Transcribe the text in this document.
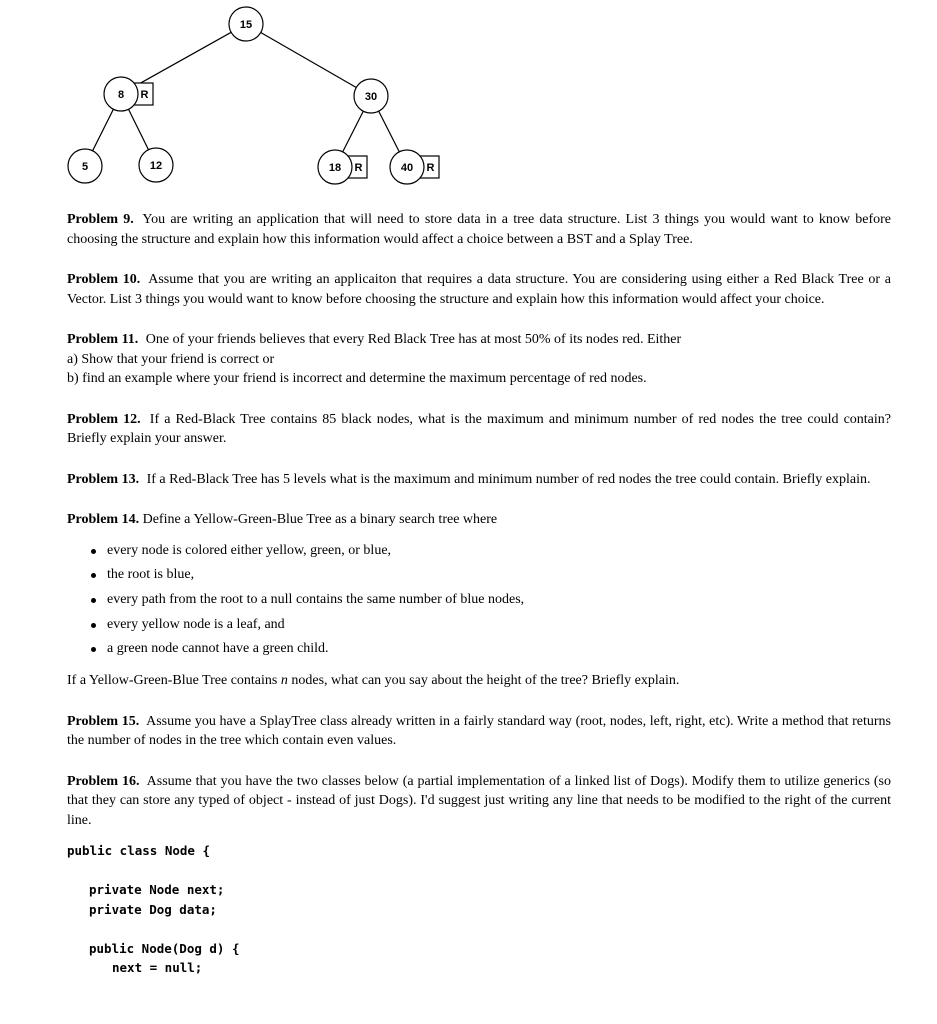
15
8 R	30
5	12	18 R	40 R

Problem 9. You are writing an application that will need to store data in a tree data structure. List 3 things you would want to know before choosing the structure and explain how this information would affect a choice between a BST and a Splay Tree.

Problem 10. Assume that you are writing an applicaiton that requires a data structure. You are considering using either a Red Black Tree or a Vector. List 3 things you would want to know before choosing the structure and explain how this information would affect your choice.

Problem 11. One of your friends believes that every Red Black Tree has at most 50% of its nodes red. Either
a) Show that your friend is correct or
b) find an example where your friend is incorrect and determine the maximum percentage of red nodes.

Problem 12. If a Red-Black Tree contains 85 black nodes, what is the maximum and minimum number of red nodes the tree could contain? Briefly explain your answer.

Problem 13. If a Red-Black Tree has 5 levels what is the maximum and minimum number of red nodes the tree could contain. Briefly explain.

Problem 14. Define a Yellow-Green-Blue Tree as a binary search tree where

every node is colored either yellow, green, or blue,
the root is blue,
every path from the root to a null contains the same number of blue nodes,
every yellow node is a leaf, and
a green node cannot have a green child.

If a Yellow-Green-Blue Tree contains n nodes, what can you say about the height of the tree? Briefly explain.

Problem 15. Assume you have a SplayTree class already written in a fairly standard way (root, nodes, left, right, etc). Write a method that returns the number of nodes in the tree which contain even values.

Problem 16. Assume that you have the two classes below (a partial implementation of a linked list of Dogs). Modify them to utilize generics (so that they can store any typed of object - instead of just Dogs). I'd suggest just writing any line that needs to be modified to the right of the current line.

public class Node {

private Node next;
private Dog data;
public Node(Dog d) {
next = null;
